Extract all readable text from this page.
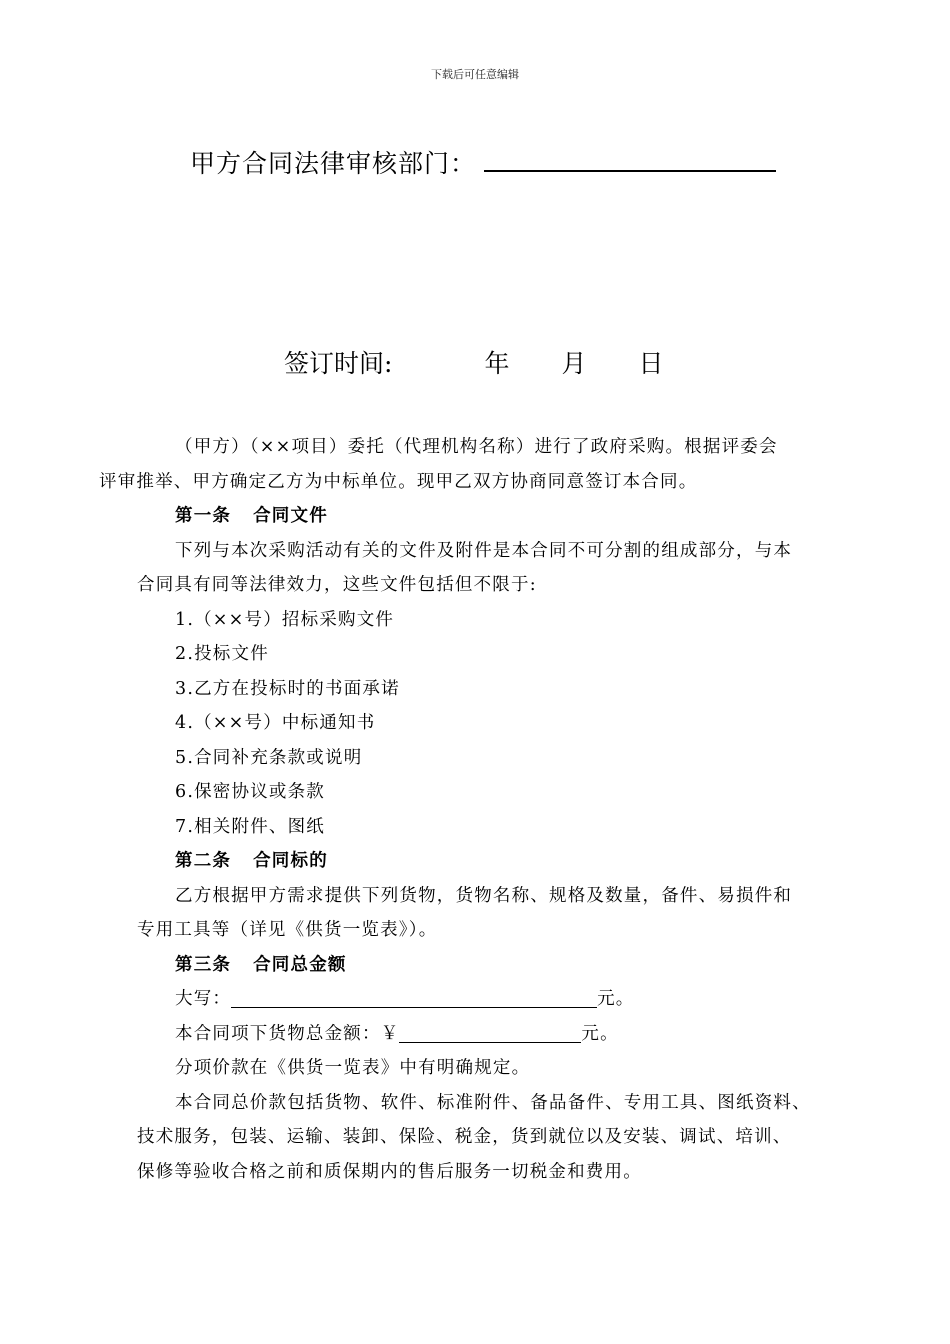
下载后可任意编辑
甲方合同法律审核部门：
签订时间:	年 月 日

（甲方）（××项目）委托（代理机构名称）进行了政府采购。根据评委会

评审推举、甲方确定乙方为中标单位。现甲乙双方协商同意签订本合同。

第一条 合同文件

下列与本次采购活动有关的文件及附件是本合同不可分割的组成部分，与本

合同具有同等法律效力，这些文件包括但不限于:

1.（××号）招标采购文件

2.投标文件

3.乙方在投标时的书面承诺

4.（××号）中标通知书

5.合同补充条款或说明

6.保密协议或条款

7.相关附件、图纸

第二条 合同标的

乙方根据甲方需求提供下列货物，货物名称、规格及数量，备件、易损件和

专用工具等（详见《供货一览表》）。

第三条 合同总金额

大写：	元。

本合同项下货物总金额：￥	元。

分项价款在《供货一览表》中有明确规定。

本合同总价款包括货物、软件、标准附件、备品备件、专用工具、图纸资料、

技术服务，包装、运输、装卸、保险、税金，货到就位以及安装、调试、培训、

保修等验收合格之前和质保期内的售后服务一切税金和费用。
